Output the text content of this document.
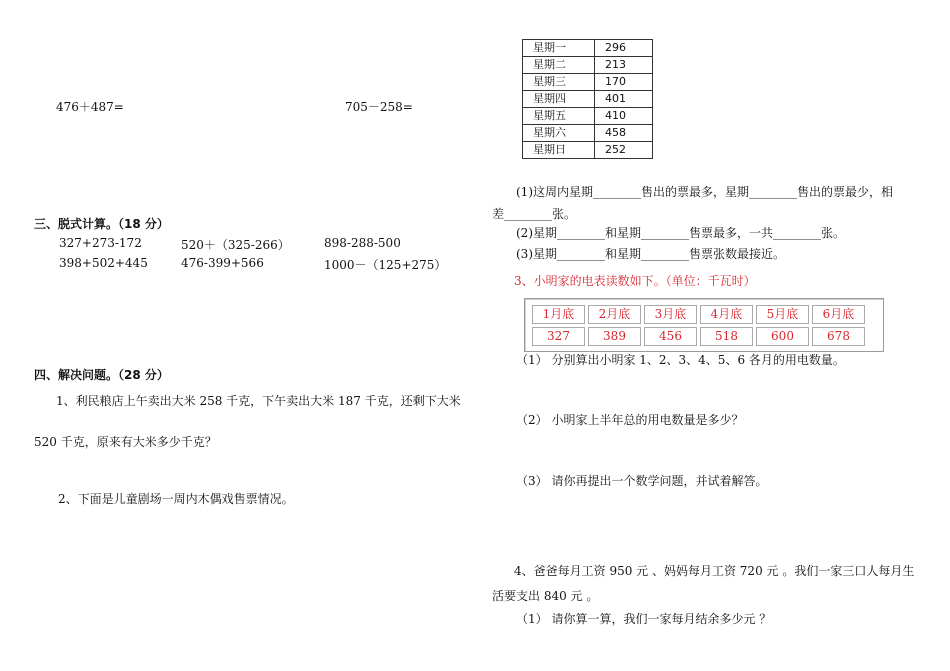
476＋487=	705－258=
三、脱式计算。（18 分）
327+273-172	520＋（325-266）	898-288-500
398+502+445	476-399+566	1000－（125+275）
四、解决问题。（28 分）
1、利民粮店上午卖出大米 258 千克，下午卖出大米 187 千克，还剩下大米
520 千克，原来有大米多少千克？
2、下面是儿童剧场一周内木偶戏售票情况。
星期一	296
星期二	213
星期三	170
星期四	401
星期五	410
星期六	458
星期日	252
(1)这周内星期________售出的票最多，星期________售出的票最少，相
差________张。
(2)星期________和星期________售票最多，一共________张。
(3)星期________和星期________售票张数最接近。
3、小明家的电表读数如下。（单位：千瓦时）
1月底	2月底	3月底	4月底	5月底	6月底
327	389	456	518	600	678
（1） 分别算出小明家 1、2、3、4、5、6 各月的用电数量。
（2） 小明家上半年总的用电数量是多少？
（3） 请你再提出一个数学问题，并试着解答。
4、爸爸每月工资 950 元 、妈妈每月工资 720 元 。我们一家三口人每月生
活要支出 840 元 。
（1） 请你算一算，我们一家每月结余多少元 ？
